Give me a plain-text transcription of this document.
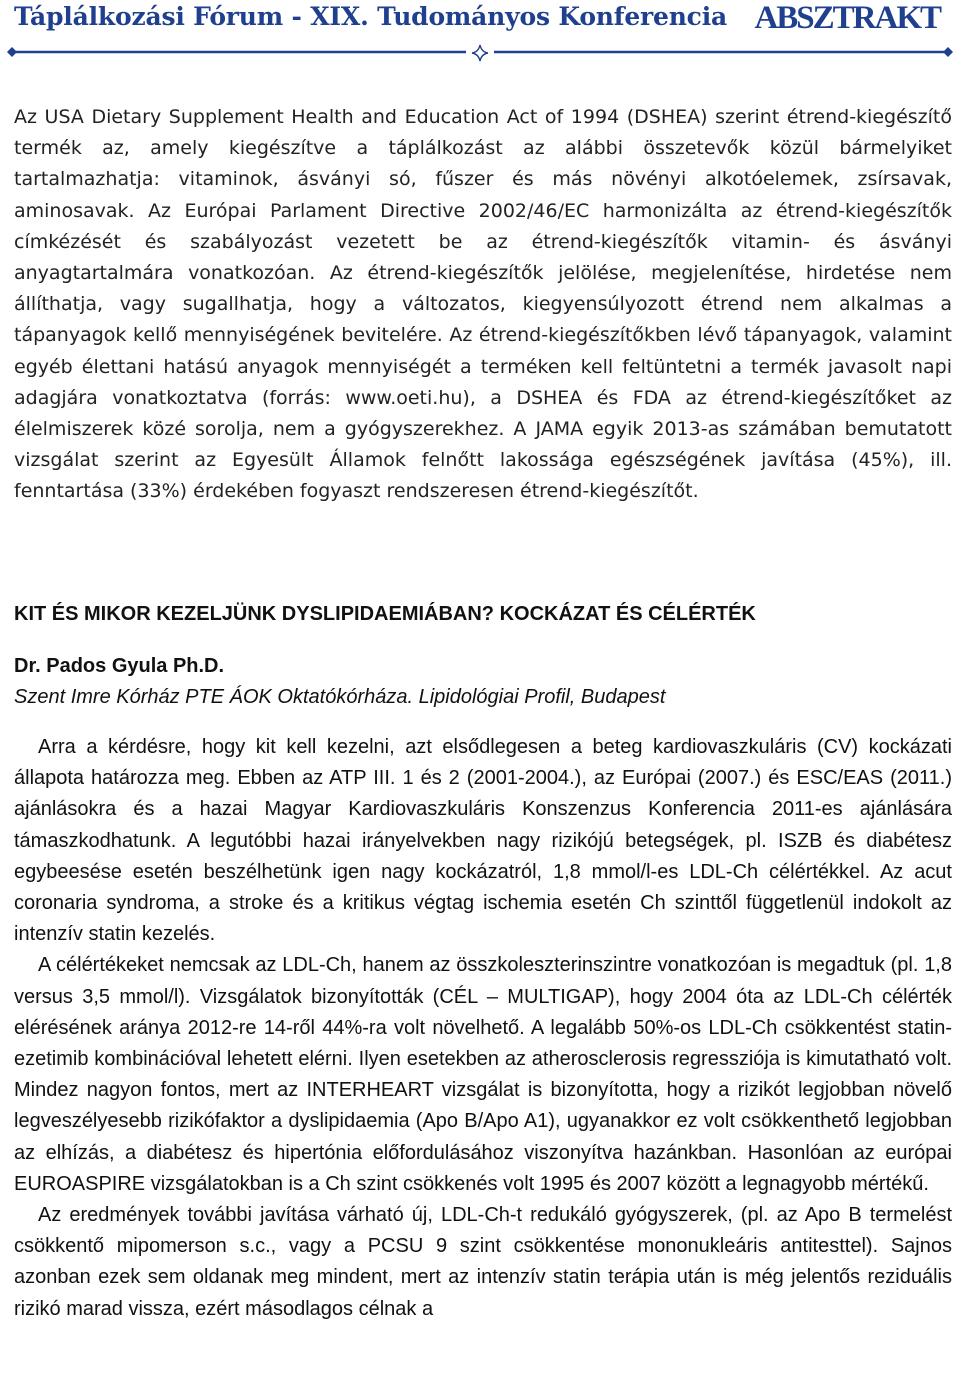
Táplálkozási Fórum - XIX. Tudományos Konferencia ABSZTRAKT

Az USA Dietary Supplement Health and Education Act of 1994 (DSHEA) szerint étrend-kiegészítő termék az, amely kiegészítve a táplálkozást az alábbi összetevők közül bármelyiket tartalmazhatja: vitaminok, ásványi só, fűszer és más növényi alkotóelemek, zsírsavak, aminosavak. Az Európai Parlament Directive 2002/46/EC harmonizálta az étrend-kiegészítők címkézését és szabályozást vezetett be az étrend-kiegészítők vitamin- és ásványi anyagtartalmára vonatkozóan. Az étrend-kiegészítők jelölése, megjelenítése, hirdetése nem állíthatja, vagy sugallhatja, hogy a változatos, kiegyensúlyozott étrend nem alkalmas a tápanyagok kellő mennyiségének bevitelére. Az étrend-kiegészítőkben lévő tápanyagok, valamint egyéb élettani hatású anyagok mennyiségét a terméken kell feltüntetni a termék javasolt napi adagjára vonatkoztatva (forrás: www.oeti.hu), a DSHEA és FDA az étrend-kiegészítőket az élelmiszerek közé sorolja, nem a gyógyszerekhez. A JAMA egyik 2013-as számában bemutatott vizsgálat szerint az Egyesült Államok felnőtt lakossága egészségének javítása (45%), ill. fenntartása (33%) érdekében fogyaszt rendszeresen étrend-kiegészítőt.

KIT ÉS MIKOR KEZELJÜNK DYSLIPIDAEMIÁBAN? KOCKÁZAT ÉS CÉLÉRTÉK
Dr. Pados Gyula Ph.D.
Szent Imre Kórház PTE ÁOK Oktatókórháza. Lipidológiai Profil, Budapest

Arra a kérdésre, hogy kit kell kezelni, azt elsődlegesen a beteg kardiovaszkuláris (CV) kockázati állapota határozza meg. Ebben az ATP III. 1 és 2 (2001-2004.), az Európai (2007.) és ESC/EAS (2011.) ajánlásokra és a hazai Magyar Kardiovaszkuláris Konszenzus Konferencia 2011-es ajánlására támaszkodhatunk. A legutóbbi hazai irányelvekben nagy rizikójú betegségek, pl. ISZB és diabétesz egybeesése esetén beszélhetünk igen nagy kockázatról, 1,8 mmol/l-es LDL-Ch célértékkel. Az acut coronaria syndroma, a stroke és a kritikus végtag ischemia esetén Ch szinttől függetlenül indokolt az intenzív statin kezelés.

A célértékeket nemcsak az LDL-Ch, hanem az összkoleszterinszintre vonatkozóan is megadtuk (pl. 1,8 versus 3,5 mmol/l). Vizsgálatok bizonyították (CÉL – MULTIGAP), hogy 2004 óta az LDL-Ch célérték elérésének aránya 2012-re 14-ről 44%-ra volt növelhető. A legalább 50%-os LDL-Ch csökkentést statin-ezetimib kombinációval lehetett elérni. Ilyen esetekben az atherosclerosis regressziója is kimutatható volt. Mindez nagyon fontos, mert az INTERHEART vizsgálat is bizonyította, hogy a rizikót legjobban növelő legveszélyesebb rizikófaktor a dyslipidaemia (Apo B/Apo A1), ugyanakkor ez volt csökkenthető legjobban az elhízás, a diabétesz és hipertónia előfordulásához viszonyítva hazánkban. Hasonlóan az európai EUROASPIRE vizsgálatokban is a Ch szint csökkenés volt 1995 és 2007 között a legnagyobb mértékű.

Az eredmények további javítása várható új, LDL-Ch-t redukáló gyógyszerek, (pl. az Apo B termelést csökkentő mipomerson s.c., vagy a PCSU 9 szint csökkentése mononukleáris antitesttel). Sajnos azonban ezek sem oldanak meg mindent, mert az intenzív statin terápia után is még jelentős reziduális rizikó marad vissza, ezért másodlagos célnak a
